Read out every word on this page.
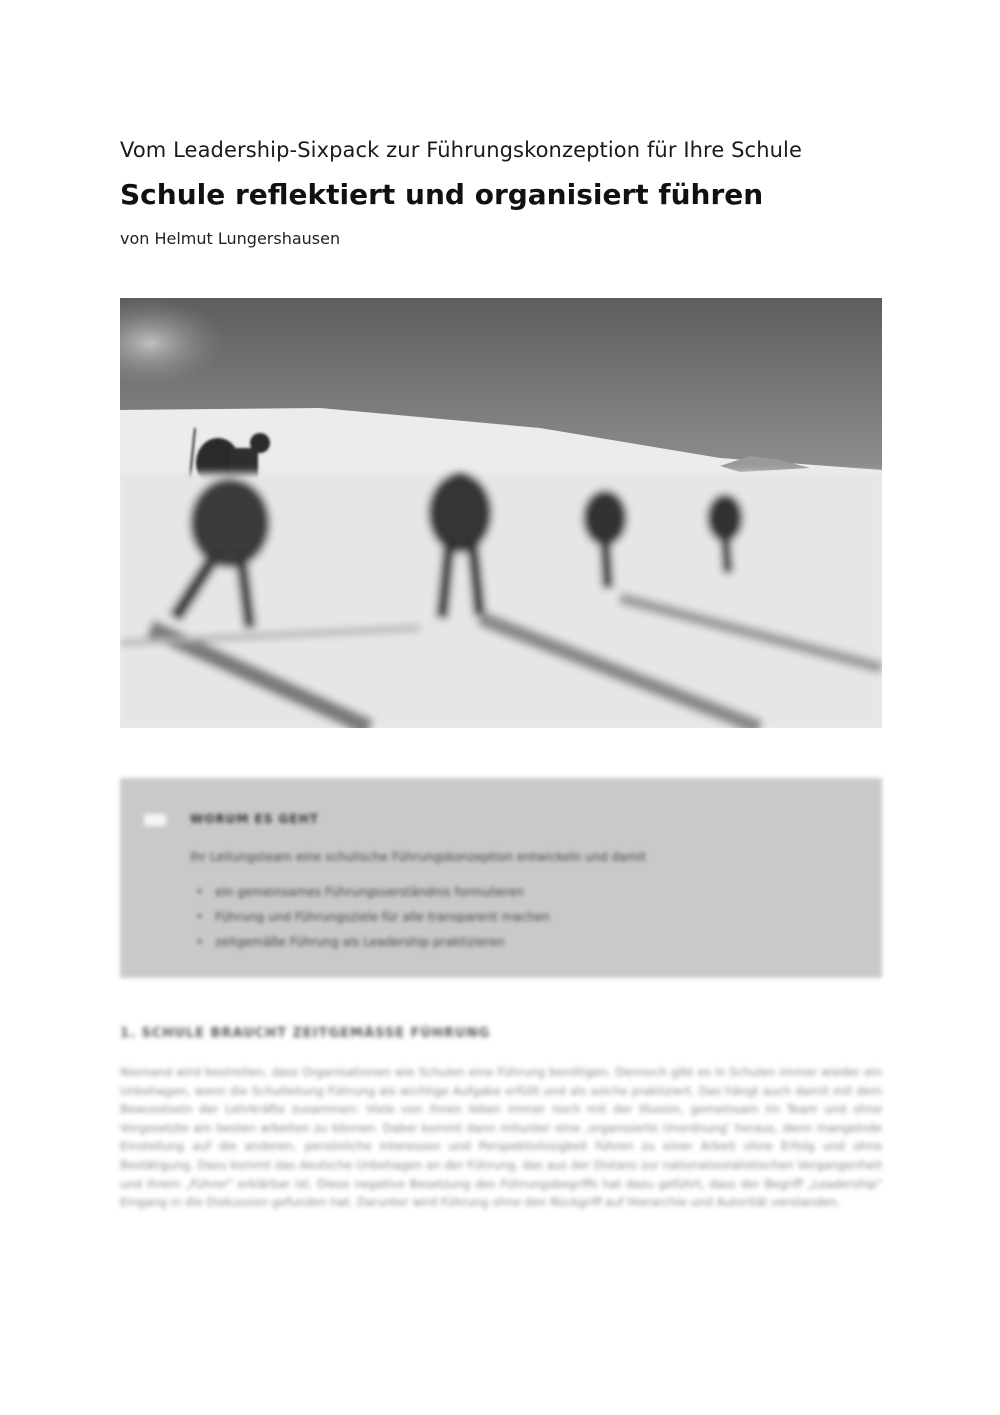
Vom Leadership-Sixpack zur Führungskonzeption für Ihre Schule
Schule reflektiert und organisiert führen
von Helmut Lungershausen
WORUM ES GEHT
Ihr Leitungsteam eine schulische Führungskonzeption entwickeln und damit
• ein gemeinsames Führungsverständnis formulieren
• Führung und Führungsziele für alle transparent machen
• zeitgemäße Führung als Leadership praktizieren
1. SCHULE BRAUCHT ZEITGEMÄSSE FÜHRUNG

Niemand wird bestreiten, dass Organisationen wie Schulen eine Führung benötigen. Dennoch gibt es in Schulen immer wieder ein Unbehagen, wenn die Schulleitung Führung als wichtige Aufgabe erfüllt und als solche praktiziert. Das hängt auch damit mit dem Bewusstsein der Lehrkräfte zusammen: Viele von ihnen leben immer noch mit der Illusion, gemeinsam im Team und ohne Vorgesetzte am besten arbeiten zu können. Dabei kommt dann mitunter eine ‚organisierte Unordnung' heraus, denn mangelnde Einstellung auf die anderen, persönliche Interessen und Perspektivlosigkeit führen zu einer Arbeit ohne Erfolg und ohne Bestätigung. Dazu kommt das deutsche Unbehagen an der Führung, das aus der Distanz zur nationalsozialistischen Vergangenheit und ihrem „Führer" erklärbar ist. Diese negative Besetzung des Führungsbegriffs hat dazu geführt, dass der Begriff „Leadership" Eingang in die Diskussion gefunden hat. Darunter wird Führung ohne den Rückgriff auf Hierarchie und Autorität verstanden.
